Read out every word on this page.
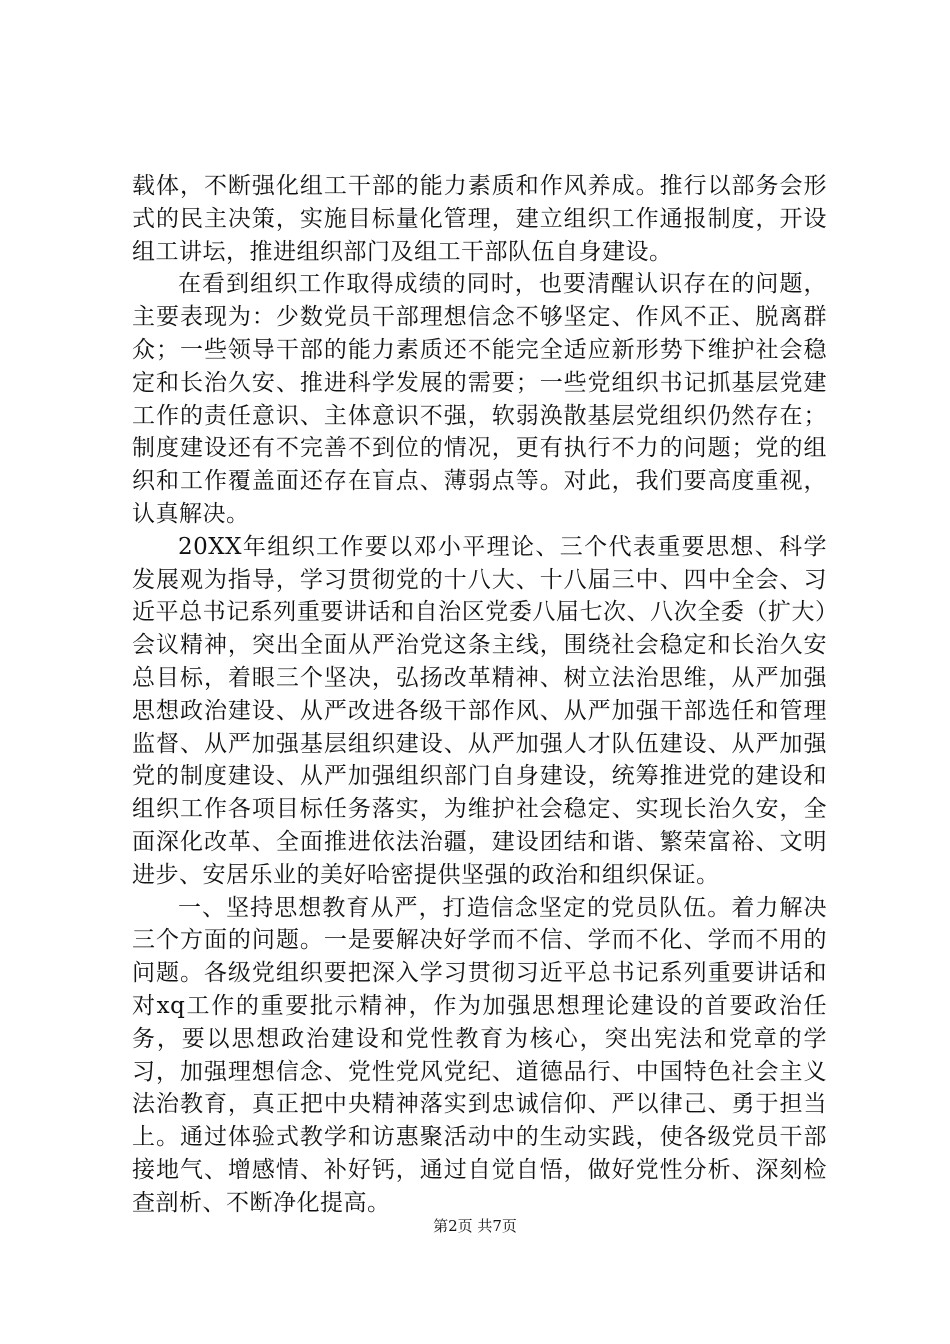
载体，不断强化组工干部的能力素质和作风养成。推行以部务会形式的民主决策，实施目标量化管理，建立组织工作通报制度，开设组工讲坛，推进组织部门及组工干部队伍自身建设。

在看到组织工作取得成绩的同时，也要清醒认识存在的问题，主要表现为：少数党员干部理想信念不够坚定、作风不正、脱离群众；一些领导干部的能力素质还不能完全适应新形势下维护社会稳定和长治久安、推进科学发展的需要；一些党组织书记抓基层党建工作的责任意识、主体意识不强，软弱涣散基层党组织仍然存在；制度建设还有不完善不到位的情况，更有执行不力的问题；党的组织和工作覆盖面还存在盲点、薄弱点等。对此，我们要高度重视，认真解决。

20XX年组织工作要以邓小平理论、三个代表重要思想、科学发展观为指导，学习贯彻党的十八大、十八届三中、四中全会、习近平总书记系列重要讲话和自治区党委八届七次、八次全委（扩大）会议精神，突出全面从严治党这条主线，围绕社会稳定和长治久安总目标，着眼三个坚决，弘扬改革精神、树立法治思维，从严加强思想政治建设、从严改进各级干部作风、从严加强干部选任和管理监督、从严加强基层组织建设、从严加强人才队伍建设、从严加强党的制度建设、从严加强组织部门自身建设，统筹推进党的建设和组织工作各项目标任务落实，为维护社会稳定、实现长治久安，全面深化改革、全面推进依法治疆，建设团结和谐、繁荣富裕、文明进步、安居乐业的美好哈密提供坚强的政治和组织保证。

一、坚持思想教育从严，打造信念坚定的党员队伍。着力解决三个方面的问题。一是要解决好学而不信、学而不化、学而不用的问题。各级党组织要把深入学习贯彻习近平总书记系列重要讲话和对xq工作的重要批示精神，作为加强思想理论建设的首要政治任务，要以思想政治建设和党性教育为核心，突出宪法和党章的学习，加强理想信念、党性党风党纪、道德品行、中国特色社会主义法治教育，真正把中央精神落实到忠诚信仰、严以律己、勇于担当上。通过体验式教学和访惠聚活动中的生动实践，使各级党员干部接地气、增感情、补好钙，通过自觉自悟，做好党性分析、深刻检查剖析、不断净化提高。

第2页 共7页
